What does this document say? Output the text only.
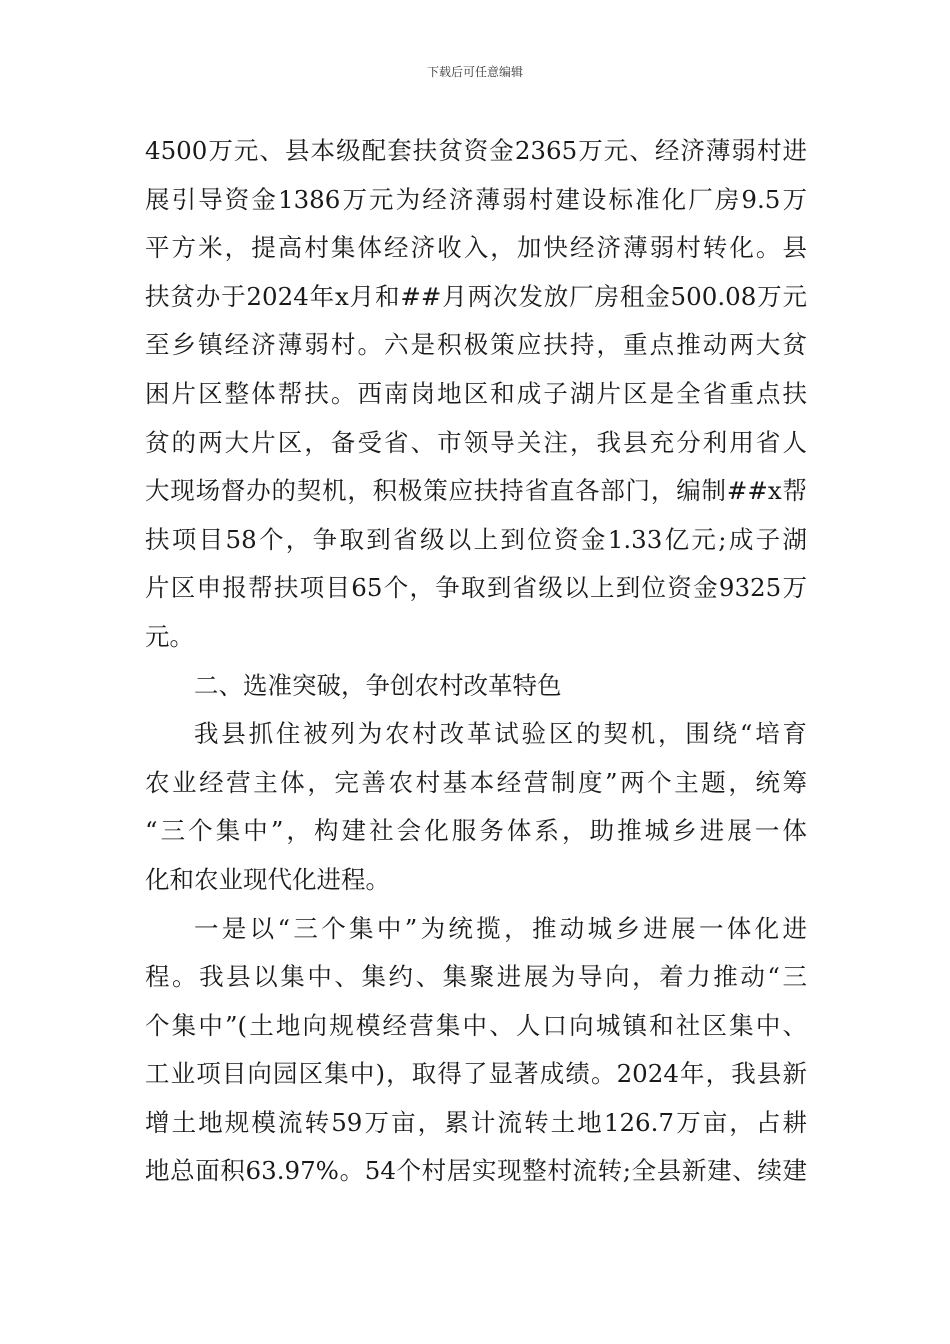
下载后可任意编辑
4500万元、县本级配套扶贫资金2365万元、经济薄弱村进
展引导资金1386万元为经济薄弱村建设标准化厂房9.5万
平方米，提高村集体经济收入，加快经济薄弱村转化。县
扶贫办于2024年x月和##月两次发放厂房租金500.08万元
至乡镇经济薄弱村。六是积极策应扶持，重点推动两大贫
困片区整体帮扶。西南岗地区和成子湖片区是全省重点扶
贫的两大片区，备受省、市领导关注，我县充分利用省人
大现场督办的契机，积极策应扶持省直各部门，编制##x帮
扶项目58个，争取到省级以上到位资金1.33亿元;成子湖
片区申报帮扶项目65个，争取到省级以上到位资金9325万
元。
二、选准突破，争创农村改革特色
我县抓住被列为农村改革试验区的契机，围绕“培育
农业经营主体，完善农村基本经营制度”两个主题，统筹
“三个集中”，构建社会化服务体系，助推城乡进展一体
化和农业现代化进程。
一是以“三个集中”为统揽，推动城乡进展一体化进
程。我县以集中、集约、集聚进展为导向，着力推动“三
个集中”(土地向规模经营集中、人口向城镇和社区集中、
工业项目向园区集中)，取得了显著成绩。2024年，我县新
增土地规模流转59万亩，累计流转土地126.7万亩，占耕
地总面积63.97%。54个村居实现整村流转;全县新建、续建
